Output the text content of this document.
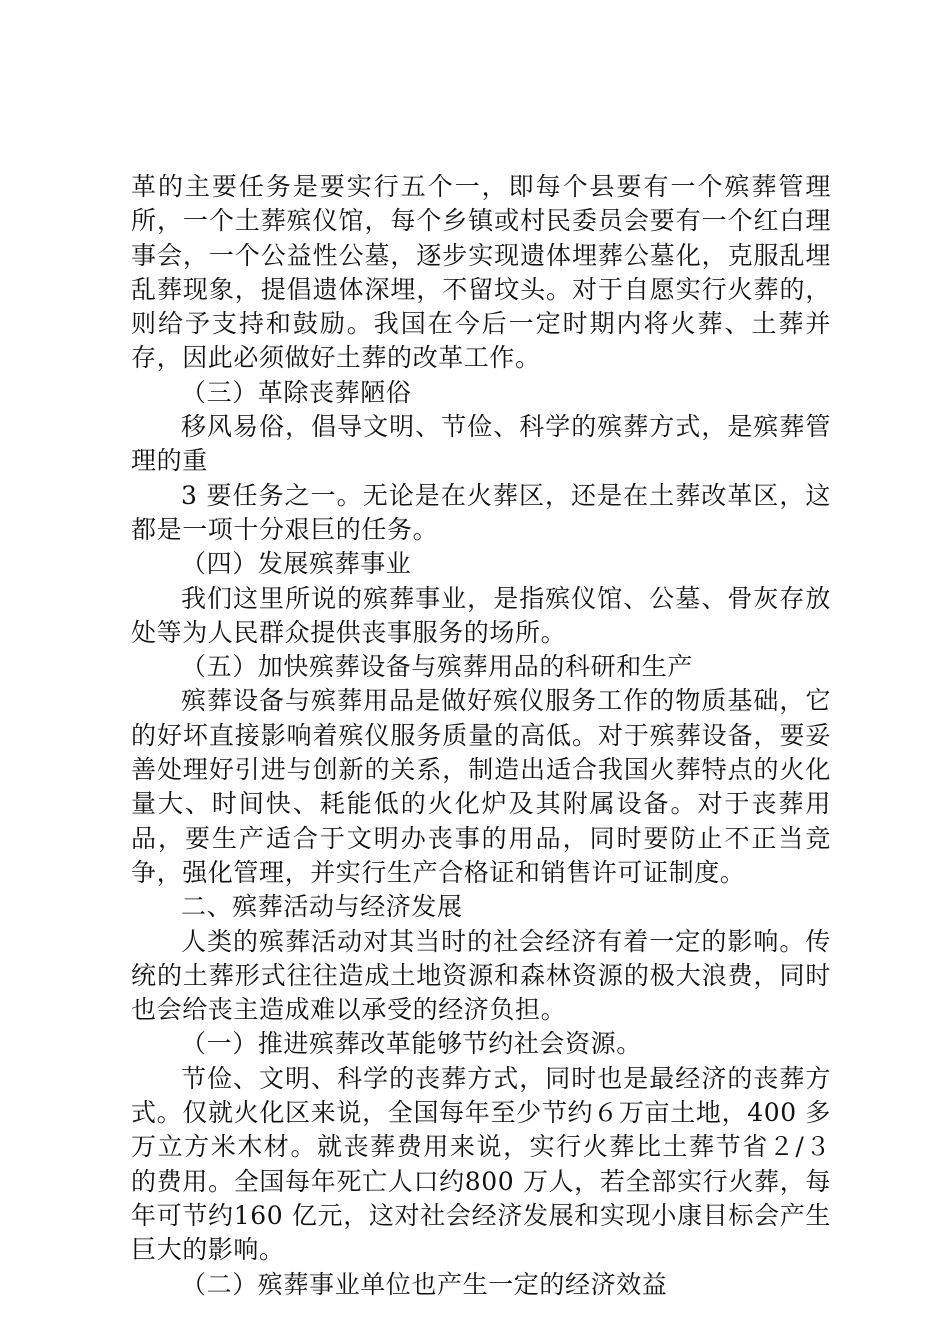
革的主要任务是要实行五个一，即每个县要有一个殡葬管理所，一个土葬殡仪馆，每个乡镇或村民委员会要有一个红白理事会，一个公益性公墓，逐步实现遗体埋葬公墓化，克服乱埋乱葬现象，提倡遗体深埋，不留坟头。对于自愿实行火葬的，则给予支持和鼓励。我国在今后一定时期内将火葬、土葬并存，因此必须做好土葬的改革工作。

（三）革除丧葬陋俗

移风易俗，倡导文明、节俭、科学的殡葬方式，是殡葬管理的重

3 要任务之一。无论是在火葬区，还是在土葬改革区，这都是一项十分艰巨的任务。

（四）发展殡葬事业

我们这里所说的殡葬事业，是指殡仪馆、公墓、骨灰存放处等为人民群众提供丧事服务的场所。

（五）加快殡葬设备与殡葬用品的科研和生产

殡葬设备与殡葬用品是做好殡仪服务工作的物质基础，它的好坏直接影响着殡仪服务质量的高低。对于殡葬设备，要妥善处理好引进与创新的关系，制造出适合我国火葬特点的火化量大、时间快、耗能低的火化炉及其附属设备。对于丧葬用品，要生产适合于文明办丧事的用品，同时要防止不正当竞争，强化管理，并实行生产合格证和销售许可证制度。

二、殡葬活动与经济发展

人类的殡葬活动对其当时的社会经济有着一定的影响。传统的土葬形式往往造成土地资源和森林资源的极大浪费，同时也会给丧主造成难以承受的经济负担。

（一）推进殡葬改革能够节约社会资源。

节俭、文明、科学的丧葬方式，同时也是最经济的丧葬方式。仅就火化区来说，全国每年至少节约６万亩土地，400 多万立方米木材。就丧葬费用来说，实行火葬比土葬节省２/３的费用。全国每年死亡人口约800 万人，若全部实行火葬，每年可节约160 亿元，这对社会经济发展和实现小康目标会产生巨大的影响。

（二）殡葬事业单位也产生一定的经济效益
